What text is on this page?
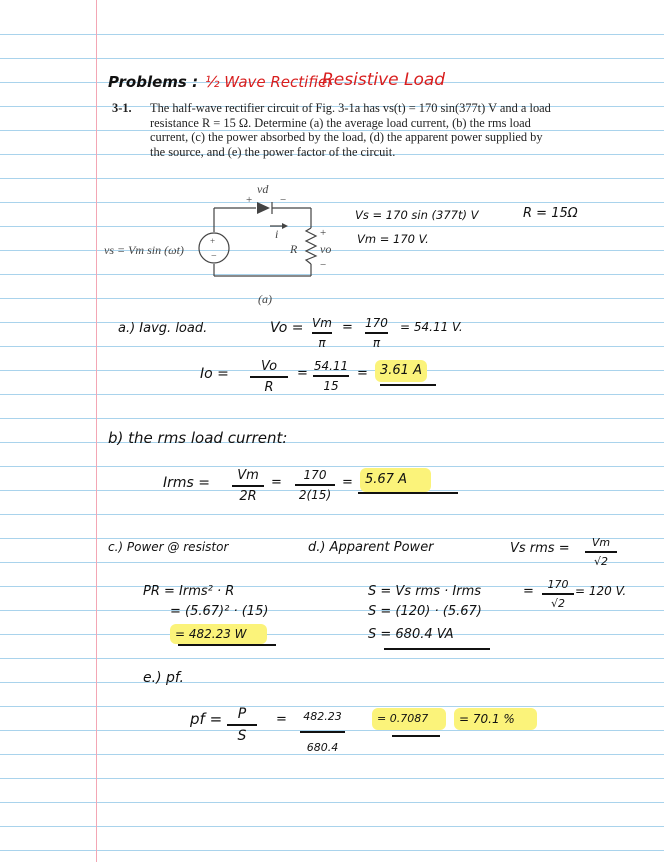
Problems : ½ Wave Rectifier
Resistive Load
3-1. The half-wave rectifier circuit of Fig. 3-1a has vs(t) = 170 sin(377t) V and a load resistance R = 15 Ω. Determine (a) the average load current, (b) the rms load current, (c) the power absorbed by the load, (d) the apparent power supplied by the source, and (e) the power factor of the circuit.
+
−
+	−
+
−
vd
i
R vo
vs = Vm sin (ωt)
(a)
Vs = 170 sin (377t) V	R = 15Ω
Vm = 170 V.
a.) Iavg. load.	Vo = Vm
π
= 170
π
= 54.11 V.
Io =	Vo
R
= 54.11
15
= 3.61 A
b) the rms load current:
Irms =	Vm
2R
=	170
2(15)
= 5.67 A
c.) Power @ resistor
PR = Irms² · R
= (5.67)² · (15)
= 482.23 W
d.) Apparent Power
S = Vs rms · Irms
S = (120) · (5.67)
S = 680.4 VA
Vs rms =	Vm
√2
=	170
√2
= 120 V.
e.) pf.
pf =	P
S
= 482.23
680.4
= 0.7087	= 70.1 %
